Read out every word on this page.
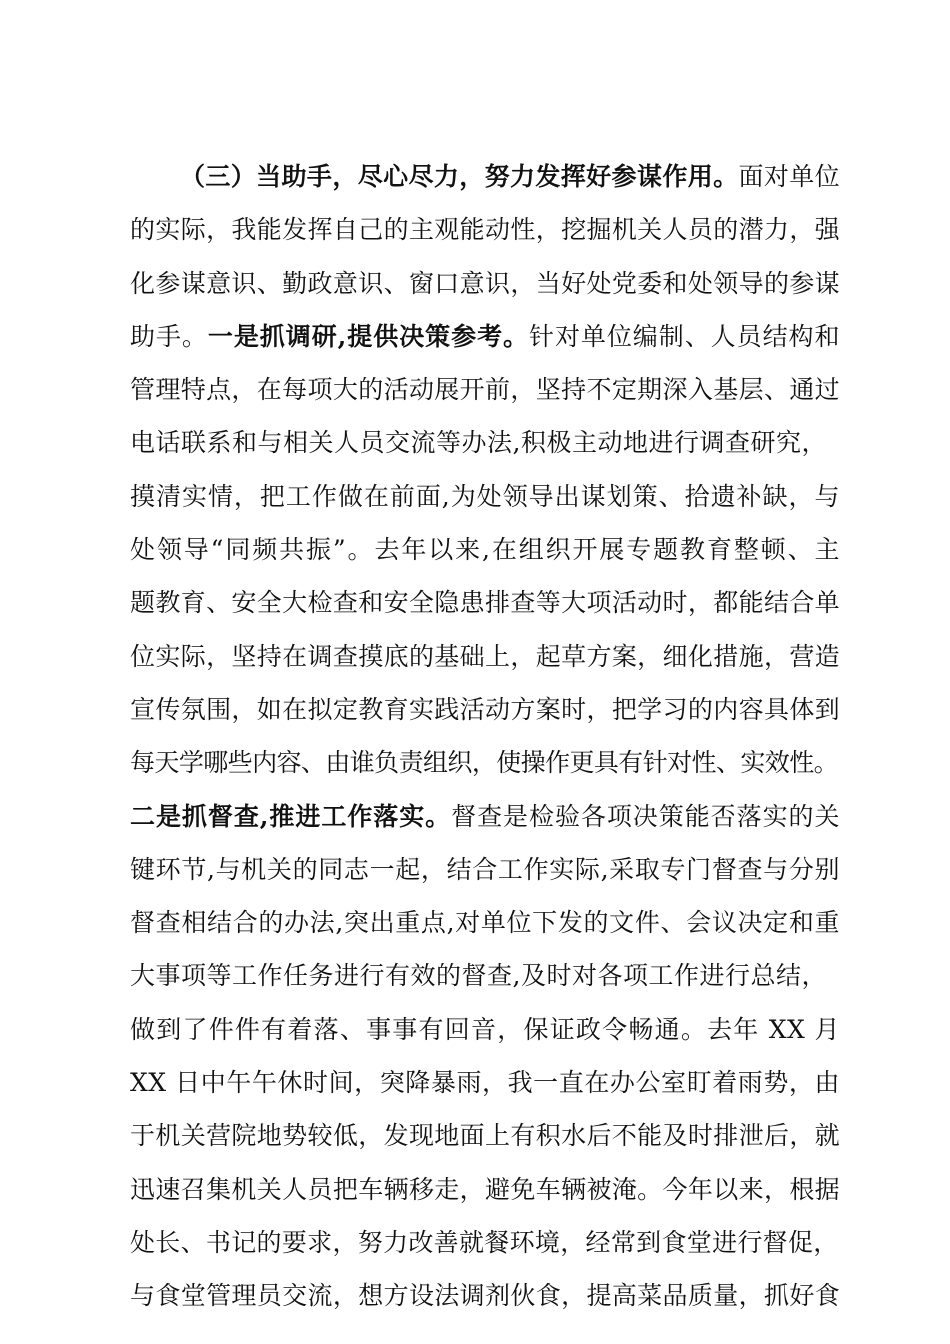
（三）当助手，尽心尽力，努力发挥好参谋作用。面对单位
的实际，我能发挥自己的主观能动性，挖掘机关人员的潜力，强
化参谋意识、勤政意识、窗口意识，当好处党委和处领导的参谋
助手。一是抓调研,提供决策参考。针对单位编制、人员结构和
管理特点，在每项大的活动展开前，坚持不定期深入基层、通过
电话联系和与相关人员交流等办法,积极主动地进行调查研究，
摸清实情，把工作做在前面,为处领导出谋划策、拾遗补缺，与
处领导“同频共振”。去年以来,在组织开展专题教育整顿、主
题教育、安全大检查和安全隐患排查等大项活动时，都能结合单
位实际，坚持在调查摸底的基础上，起草方案，细化措施，营造
宣传氛围，如在拟定教育实践活动方案时，把学习的内容具体到
每天学哪些内容、由谁负责组织，使操作更具有针对性、实效性。
二是抓督查,推进工作落实。督查是检验各项决策能否落实的关
键环节,与机关的同志一起，结合工作实际,采取专门督查与分别
督查相结合的办法,突出重点,对单位下发的文件、会议决定和重
大事项等工作任务进行有效的督查,及时对各项工作进行总结，
做到了件件有着落、事事有回音，保证政令畅通。去年 XX 月
XX 日中午午休时间，突降暴雨，我一直在办公室盯着雨势，由
于机关营院地势较低，发现地面上有积水后不能及时排泄后，就
迅速召集机关人员把车辆移走，避免车辆被淹。今年以来，根据
处长、书记的要求，努力改善就餐环境，经常到食堂进行督促，
与食堂管理员交流，想方设法调剂伙食，提高菜品质量，抓好食
